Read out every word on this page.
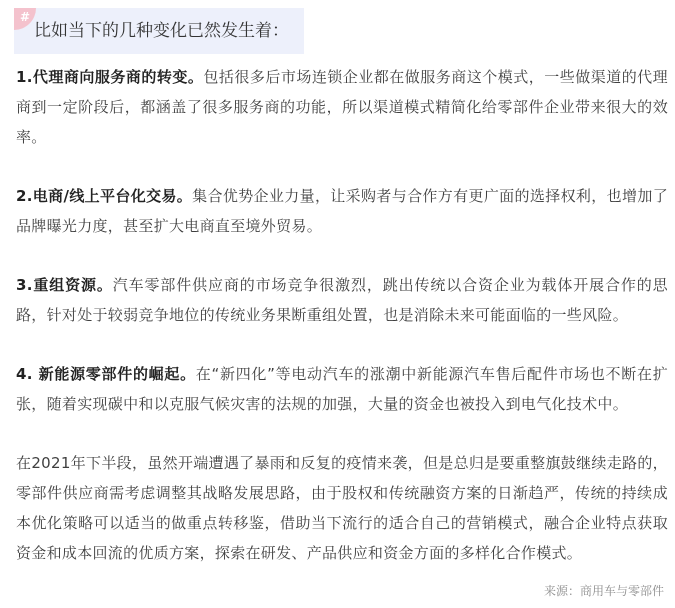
#
比如当下的几种变化已然发生着：

1.代理商向服务商的转变。包括很多后市场连锁企业都在做服务商这个模式，一些做渠道的代理商到一定阶段后，都涵盖了很多服务商的功能，所以渠道模式精简化给零部件企业带来很大的效率。

2.电商/线上平台化交易。集合优势企业力量，让采购者与合作方有更广面的选择权利，也增加了品牌曝光力度，甚至扩大电商直至境外贸易。

3.重组资源。汽车零部件供应商的市场竞争很激烈，跳出传统以合资企业为载体开展合作的思路，针对处于较弱竞争地位的传统业务果断重组处置，也是消除未来可能面临的一些风险。

4. 新能源零部件的崛起。在“新四化”等电动汽车的涨潮中新能源汽车售后配件市场也不断在扩张，随着实现碳中和以克服气候灾害的法规的加强，大量的资金也被投入到电气化技术中。

在2021年下半段，虽然开端遭遇了暴雨和反复的疫情来袭，但是总归是要重整旗鼓继续走路的，零部件供应商需考虑调整其战略发展思路，由于股权和传统融资方案的日渐趋严，传统的持续成本优化策略可以适当的做重点转移鉴，借助当下流行的适合自己的营销模式，融合企业特点获取资金和成本回流的优质方案，探索在研发、产品供应和资金方面的多样化合作模式。

来源：商用车与零部件
